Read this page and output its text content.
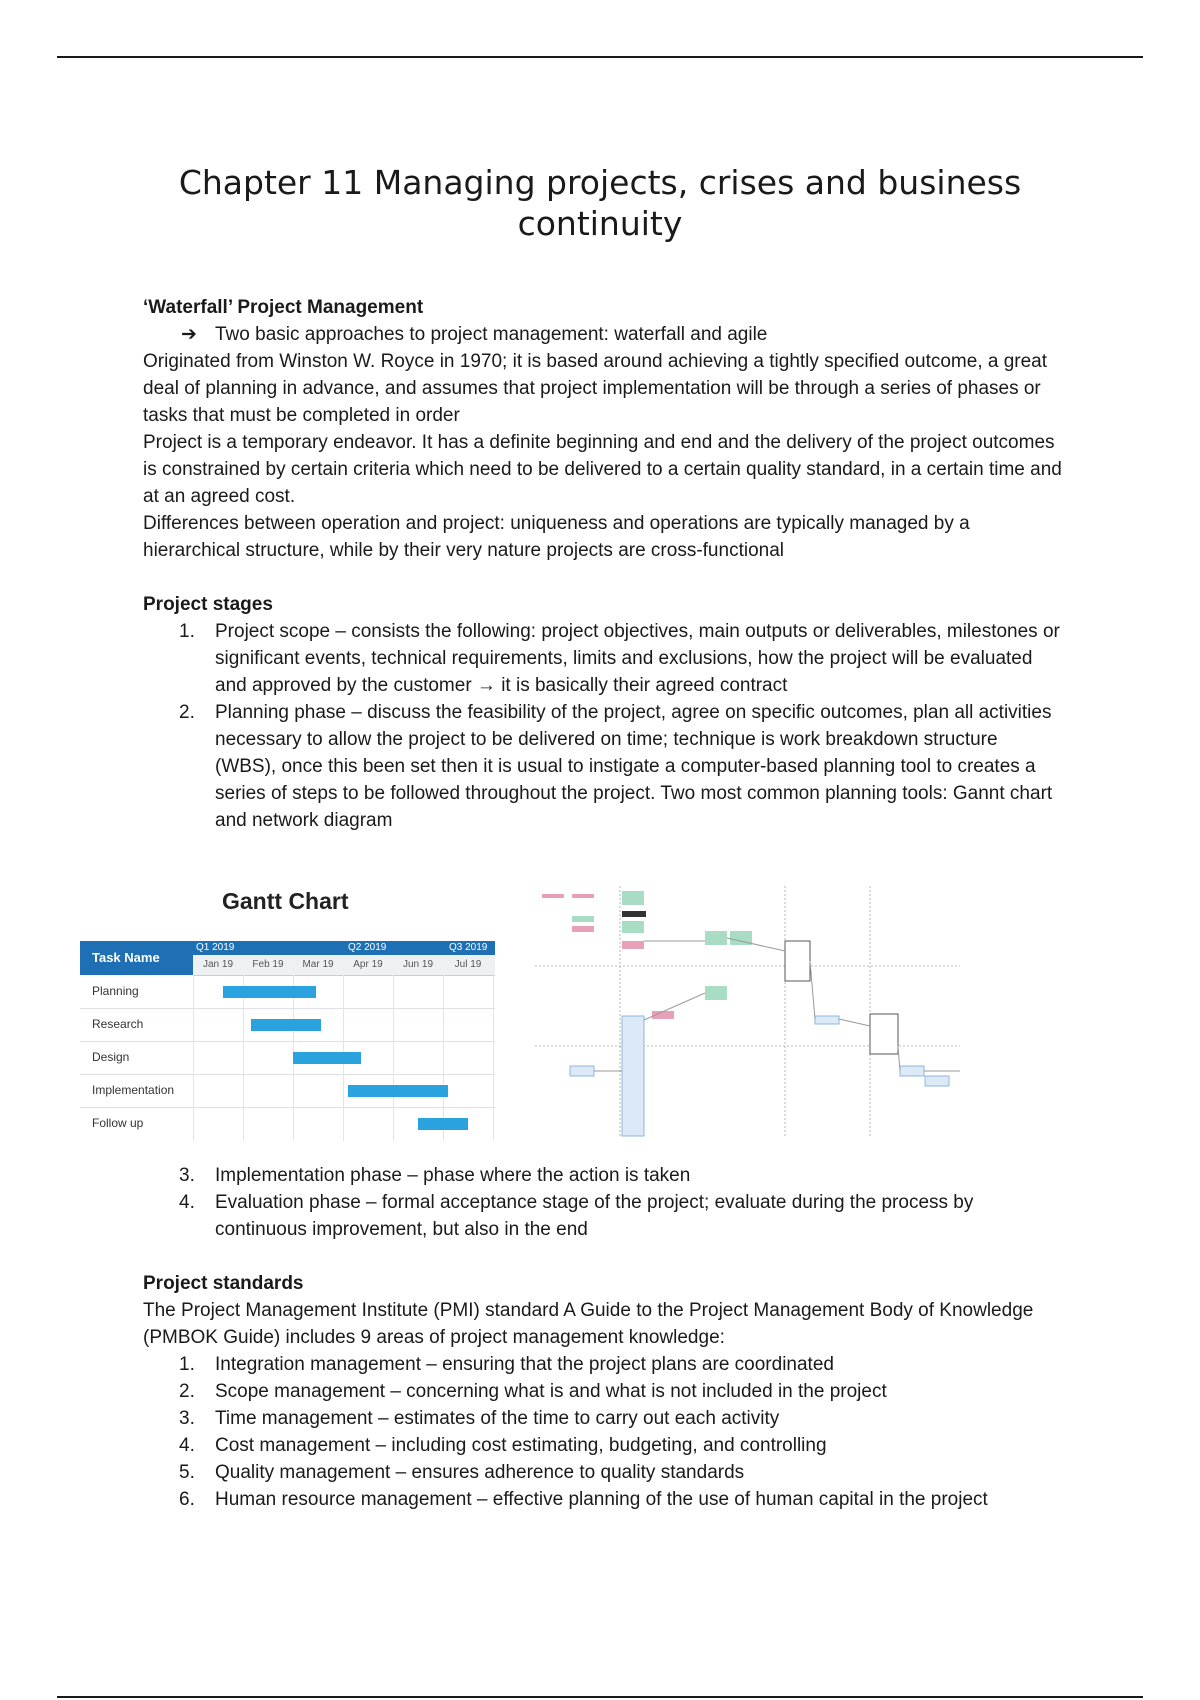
Chapter 11 Managing projects, crises and business continuity

‘Waterfall’ Project Management

➔ Two basic approaches to project management: waterfall and agile

Originated from Winston W. Royce in 1970; it is based around achieving a tightly specified outcome, a great deal of planning in advance, and assumes that project implementation will be through a series of phases or tasks that must be completed in order

Project is a temporary endeavor. It has a definite beginning and end and the delivery of the project outcomes is constrained by certain criteria which need to be delivered to a certain quality standard, in a certain time and at an agreed cost.

Differences between operation and project: uniqueness and operations are typically managed by a hierarchical structure, while by their very nature projects are cross-functional

Project stages

1. Project scope – consists the following: project objectives, main outputs or deliverables, milestones or significant events, technical requirements, limits and exclusions, how the project will be evaluated and approved by the customer → it is basically their agreed contract
2. Planning phase – discuss the feasibility of the project, agree on specific outcomes, plan all activities necessary to allow the project to be delivered on time; technique is work breakdown structure (WBS), once this been set then it is usual to instigate a computer-based planning tool to creates a series of steps to be followed throughout the project. Two most common planning tools: Gannt chart and network diagram
Gantt Chart
Task Name
Q1 2019	Q2 2019	Q3 2019
Jan 19	Feb 19	Mar 19	Apr 19	Jun 19	Jul 19
Planning
Research
Design
Implementation
Follow up
3. Implementation phase – phase where the action is taken
4. Evaluation phase – formal acceptance stage of the project; evaluate during the process by continuous improvement, but also in the end

Project standards

The Project Management Institute (PMI) standard A Guide to the Project Management Body of Knowledge (PMBOK Guide) includes 9 areas of project management knowledge:

1. Integration management – ensuring that the project plans are coordinated
2. Scope management – concerning what is and what is not included in the project
3. Time management – estimates of the time to carry out each activity
4. Cost management – including cost estimating, budgeting, and controlling
5. Quality management – ensures adherence to quality standards
6. Human resource management – effective planning of the use of human capital in the project
